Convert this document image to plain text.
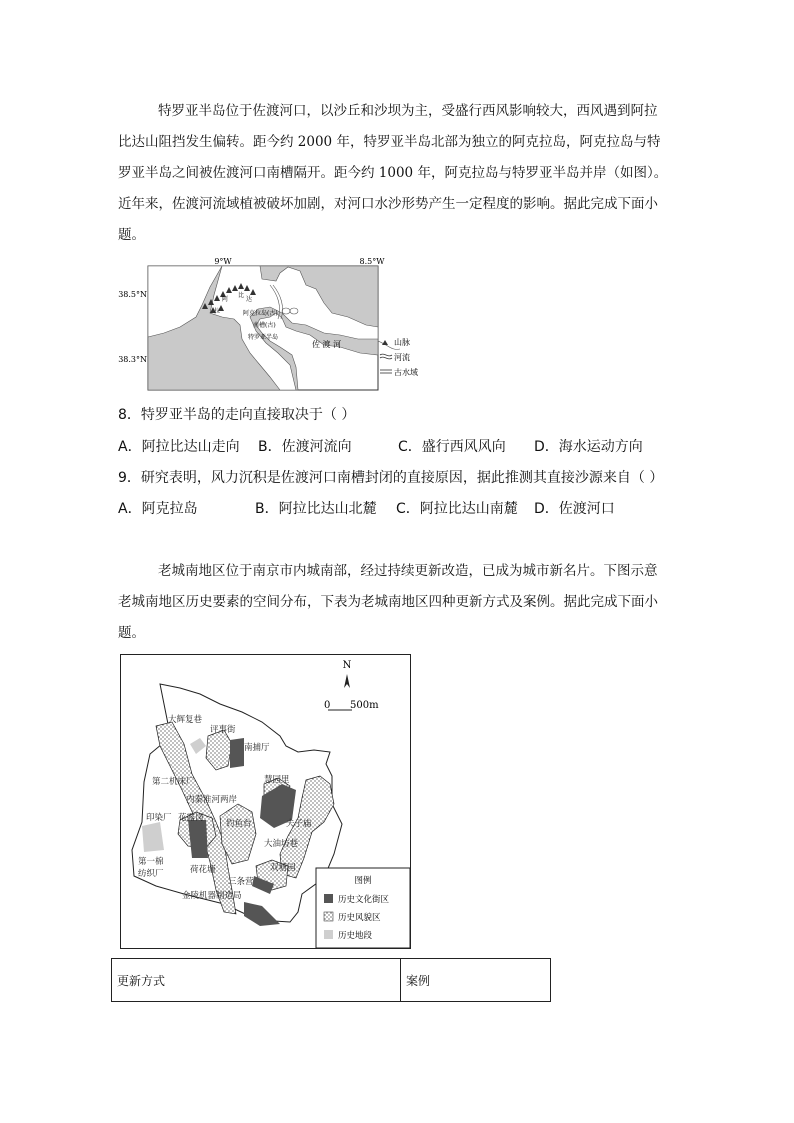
特罗亚半岛位于佐渡河口，以沙丘和沙坝为主，受盛行西风影响较大，西风遇到阿拉
比达山阻挡发生偏转。距今约 2000 年，特罗亚半岛北部为独立的阿克拉岛，阿克拉岛与特
罗亚半岛之间被佐渡河口南槽隔开。距今约 1000 年，阿克拉岛与特罗亚半岛并岸（如图）。
近年来，佐渡河流域植被破坏加剧，对河口水沙形势产生一定程度的影响。据此完成下面小
题。
9°W	8.5°W
38.5°N
38.3°N
阿
拉
比
达
阿克拉岛(古)
南槽(古)
特罗亚半岛
佐 渡 河	山脉
河流
古水域
8．特罗亚半岛的走向直接取决于（ ）
A．阿拉比达山走向 B．佐渡河流向	C．盛行西风风向 D．海水运动方向
9．研究表明，风力沉积是佐渡河口南槽封闭的直接原因，据此推测其直接沙源来自（ ）
A．阿克拉岛	B．阿拉比达山北麓 C．阿拉比达山南麓 D．佐渡河口
老城南地区位于南京市内城南部，经过持续更新改造，已成为城市新名片。下图示意
老城南地区历史要素的空间分布，下表为老城南地区四种更新方式及案例。据此完成下面小
题。
N
0 500m
大辉复巷
评事街
南捕厅
第二机床厂	慧园里
内秦淮河两岸
印染厂 花露岗
钓鱼台	夫子庙
大油坊巷
第一棉
纺织厂	荷花塘	双塘园
三条营
金陵机器制造局
图例
历史文化街区
历史风貌区
历史地段
更新方式	案例
